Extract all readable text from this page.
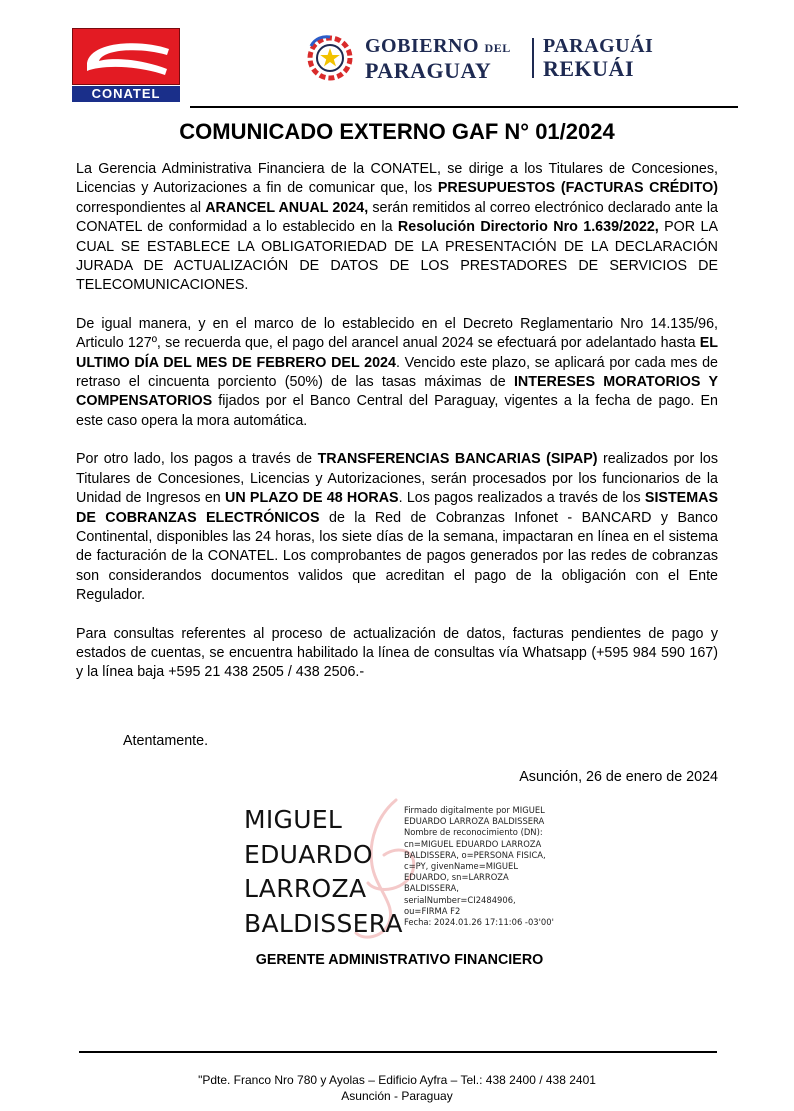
CONATEL
GOBIERNO DEL
PARAGUAY
PARAGUÁI
REKUÁI
COMUNICADO EXTERNO GAF N° 01/2024

La Gerencia Administrativa Financiera de la CONATEL, se dirige a los Titulares de Concesiones, Licencias y Autorizaciones a fin de comunicar que, los PRESUPUESTOS (FACTURAS CRÉDITO) correspondientes al ARANCEL ANUAL 2024, serán remitidos al correo electrónico declarado ante la CONATEL de conformidad a lo establecido en la Resolución Directorio Nro 1.639/2022, POR LA CUAL SE ESTABLECE LA OBLIGATORIEDAD DE LA PRESENTACIÓN DE LA DECLARACIÓN JURADA DE ACTUALIZACIÓN DE DATOS DE LOS PRESTADORES DE SERVICIOS DE TELECOMUNICACIONES.

De igual manera, y en el marco de lo establecido en el Decreto Reglamentario Nro 14.135/96, Articulo 127º, se recuerda que, el pago del arancel anual 2024 se efectuará por adelantado hasta EL ULTIMO DÍA DEL MES DE FEBRERO DEL 2024. Vencido este plazo, se aplicará por cada mes de retraso el cincuenta porciento (50%) de las tasas máximas de INTERESES MORATORIOS Y COMPENSATORIOS fijados por el Banco Central del Paraguay, vigentes a la fecha de pago. En este caso opera la mora automática.

Por otro lado, los pagos a través de TRANSFERENCIAS BANCARIAS (SIPAP) realizados por los Titulares de Concesiones, Licencias y Autorizaciones, serán procesados por los funcionarios de la Unidad de Ingresos en UN PLAZO DE 48 HORAS. Los pagos realizados a través de los SISTEMAS DE COBRANZAS ELECTRÓNICOS de la Red de Cobranzas Infonet - BANCARD y Banco Continental, disponibles las 24 horas, los siete días de la semana, impactaran en línea en el sistema de facturación de la CONATEL. Los comprobantes de pagos generados por las redes de cobranzas son considerandos documentos validos que acreditan el pago de la obligación con el Ente Regulador.

Para consultas referentes al proceso de actualización de datos, facturas pendientes de pago y estados de cuentas, se encuentra habilitado la línea de consultas vía Whatsapp (+595 984 590 167) y la línea baja +595 21 438 2505 / 438 2506.-

Atentamente.
Asunción, 26 de enero de 2024
MIGUEL
EDUARDO
LARROZA
BALDISSERA
Firmado digitalmente por MIGUEL
EDUARDO LARROZA BALDISSERA
Nombre de reconocimiento (DN):
cn=MIGUEL EDUARDO LARROZA
BALDISSERA, o=PERSONA FISICA,
c=PY, givenName=MIGUEL
EDUARDO, sn=LARROZA
BALDISSERA,
serialNumber=CI2484906,
ou=FIRMA F2
Fecha: 2024.01.26 17:11:06 -03'00'
GERENTE ADMINISTRATIVO FINANCIERO
"Pdte. Franco Nro 780 y Ayolas – Edificio Ayfra – Tel.: 438 2400 / 438 2401
Asunción - Paraguay
